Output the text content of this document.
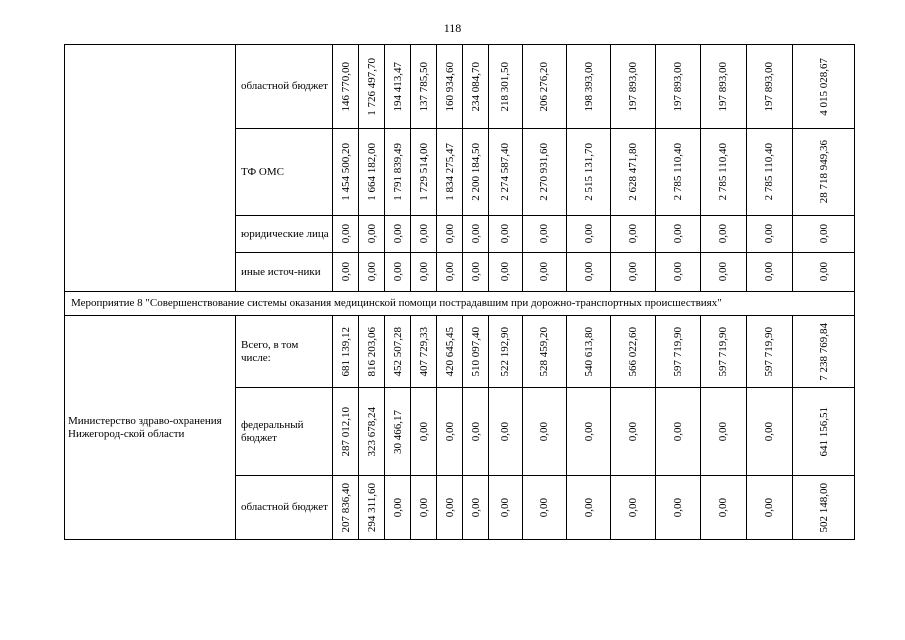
118
	областной бюджет	146 770,00	1 726 497,70	194 413,47	137 785,50	160 934,60	234 084,70	218 301,50	206 276,20	198 393,00	197 893,00	197 893,00	197 893,00	197 893,00	4 015 028,67

	ТФ ОМС	1 454 500,20	1 664 182,00	1 791 839,49	1 729 514,00	1 834 275,47	2 200 184,50	2 274 587,40	2 270 931,60	2 515 131,70	2 628 471,80	2 785 110,40	2 785 110,40	2 785 110,40	28 718 949,36

	юридические лица	0,00	0,00	0,00	0,00	0,00	0,00	0,00	0,00	0,00	0,00	0,00	0,00	0,00	0,00

	иные источ-ники	0,00	0,00	0,00	0,00	0,00	0,00	0,00	0,00	0,00	0,00	0,00	0,00	0,00	0,00

Мероприятие 8 "Совершенствование системы оказания медицинской помощи пострадавшим при дорожно-транспортных происшествиях"															
Министерство здраво-охранения Нижегород-ской области	Всего, в том числе:	681 139,12	816 203,06	452 507,28	407 729,33	420 645,45	510 097,40	522 192,90	528 459,20	540 613,80	566 022,60	597 719,90	597 719,90	597 719,90	7 238 769,84

	федеральный бюджет	287 012,10	323 678,24	30 466,17	0,00	0,00	0,00	0,00	0,00	0,00	0,00	0,00	0,00	0,00	641 156,51

	областной бюджет	207 836,40	294 311,60	0,00	0,00	0,00	0,00	0,00	0,00	0,00	0,00	0,00	0,00	0,00	502 148,00
